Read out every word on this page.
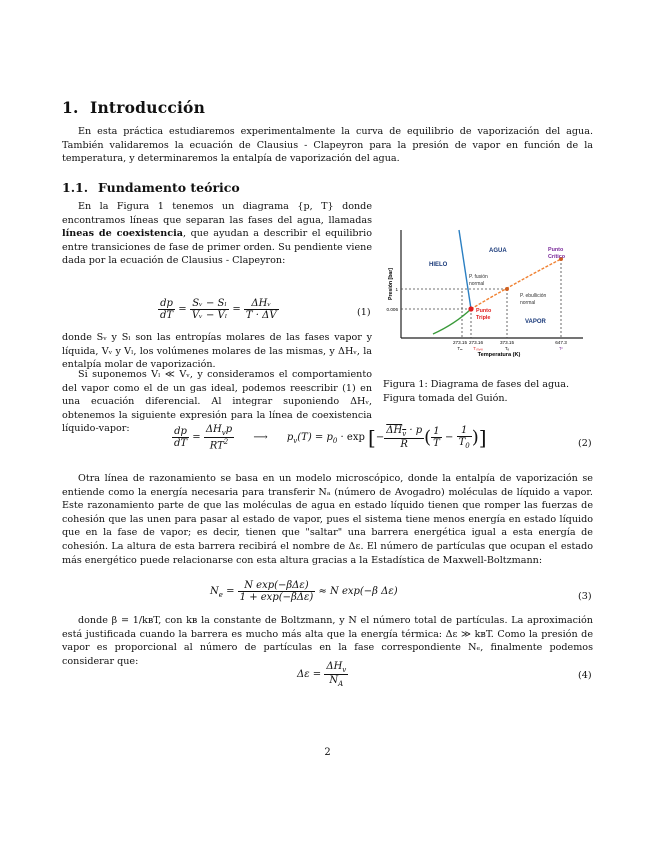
1. Introducción
En esta práctica estudiaremos experimentalmente la curva de equilibrio de vaporización del agua. También validaremos la ecuación de Clausius - Clapeyron para la presión de vapor en función de la temperatura, y determinaremos la entalpía de vaporización del agua.
1.1. Fundamento teórico
En la Figura 1 tenemos un diagrama {p, T} donde encontramos líneas que separan las fases del agua, llamadas líneas de coexistencia, que ayudan a describir el equilibrio entre transiciones de fase de primer orden. Su pendiente viene dada por la ecuación de Clausius - Clapeyron:
$\frac{dp}{dT} = \frac{\text{Sᵥ − Sₗ}}{\text{Vᵥ − Vₗ}} = \frac{\text{ΔHᵥ}}{T \cdot \Delta V}$	(1)
donde Sᵥ y Sₗ son las entropías molares de las fases vapor y líquida, Vᵥ y Vₗ, los volúmenes molares de las mismas, y ΔHᵥ, la entalpía molar de vaporización.
Si suponemos Vₗ ≪ Vᵥ, y consideramos el comportamiento del vapor como el de un gas ideal, podemos reescribir (1) en una ecuación diferencial. Al integrar suponiendo ΔHᵥ, obtenemos la siguiente expresión para la línea de coexistencia líquido-vapor:
Presión [bar]
Temperatura (K)
1
0.006
273.15 273.16	373.15	647.3
Tₘ	Tₜᵣᵢₚₗₑ	Tₑ	Tᶜ
HIELO
AGUA
VAPOR
Punto
Crítico
Punto
Triple
P. fusión
normal
P. ebullición
normal
Figura 1: Diagrama de fases del agua. Figura tomada del Guión.
$\frac{dp}{dT} = \frac{\Delta H_vp}{RT^2}$ ⟶ $p_v(T) = p_0 \cdot \exp$ [− $\frac{\Delta H_v \cdot p}{R}$ ( $\frac{1}{T} - \frac{1}{T_0}$ )]	(2)
Otra línea de razonamiento se basa en un modelo microscópico, donde la entalpía de vaporización se entiende como la energía necesaria para transferir Nₐ (número de Avogadro) moléculas de líquido a vapor. Este razonamiento parte de que las moléculas de agua en estado líquido tienen que romper las fuerzas de cohesión que las unen para pasar al estado de vapor, pues el sistema tiene menos energía en estado líquido que en la fase de vapor; es decir, tienen que "saltar" una barrera energética igual a esta energía de cohesión. La altura de esta barrera recibirá el nombre de Δε. El número de partículas que ocupan el estado más energético puede relacionarse con esta altura gracias a la Estadística de Maxwell-Boltzmann:
$N_e = \frac{\text{N exp(−βΔε)}}{\text{1 + exp(−βΔε)}} \approx N$ exp(−β Δε)	(3)
donde β = 1/kʙT, con kʙ la constante de Boltzmann, y N el número total de partículas. La aproximación está justificada cuando la barrera es mucho más alta que la energía térmica: Δε ≫ kʙT. Como la presión de vapor es proporcional al número de partículas en la fase correspondiente Nₑ, finalmente podemos considerar que:
$\Delta\varepsilon = \frac{\Delta H_v}{N_A}$	(4)
2
